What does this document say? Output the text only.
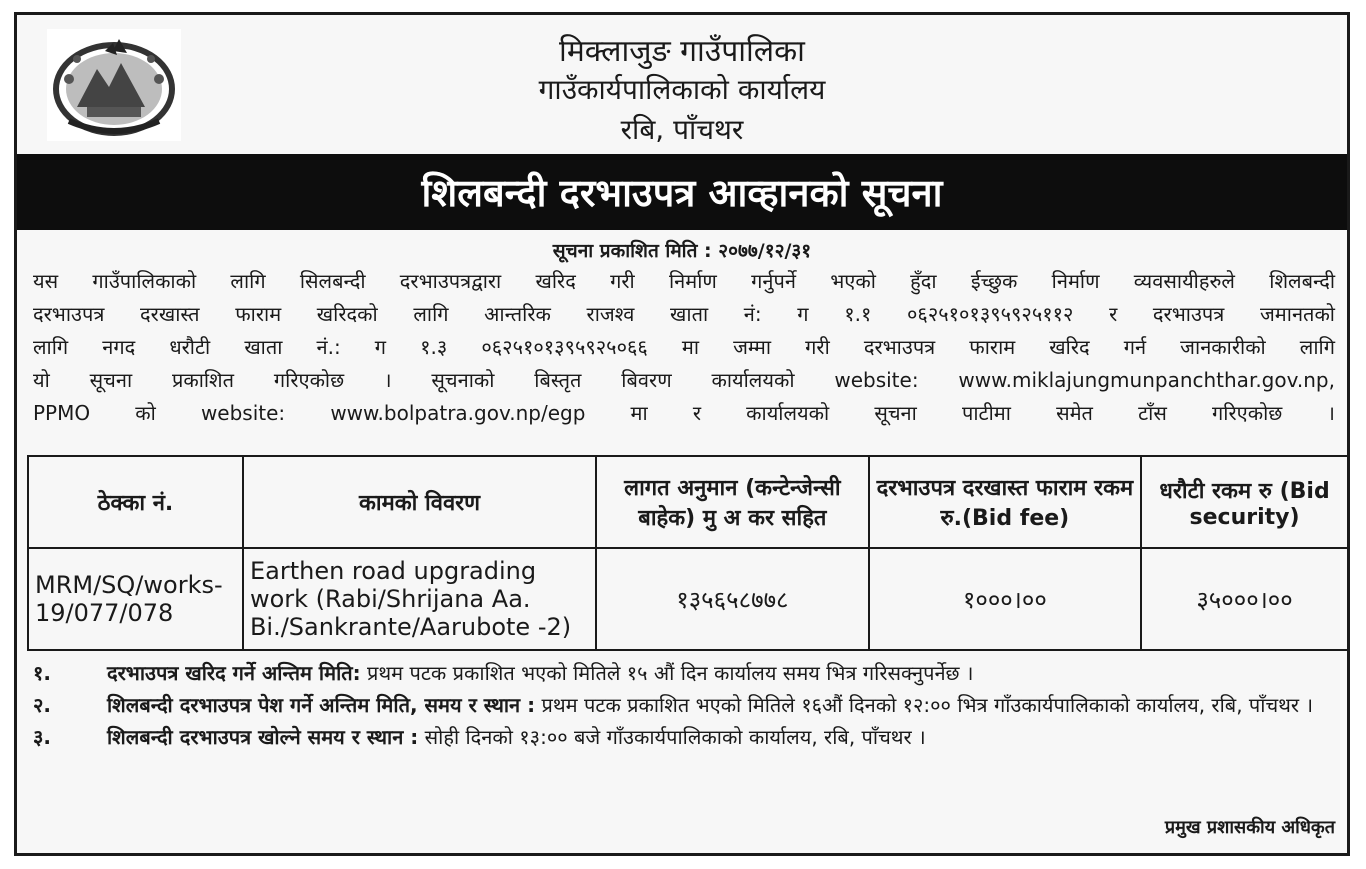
मिक्लाजुङ गाउँपालिका
गाउँकार्यपालिकाको कार्यालय
रबि, पाँचथर
शिलबन्दी दरभाउपत्र आव्हानको सूचना
सूचना प्रकाशित मिति : २०७७/१२/३१
यस गाउँपालिकाको लागि सिलबन्दी दरभाउपत्रद्वारा खरिद गरी निर्माण गर्नुपर्ने भएको हुँदा ईच्छुक निर्माण व्यवसायीहरुले शिलबन्दी
दरभाउपत्र दरखास्त फाराम खरिदको लागि आन्तरिक राजश्व खाता नं: ग १.१ ०६२५१०१३९५९२५११२ र दरभाउपत्र जमानतको
लागि नगद धरौटी खाता नं.: ग १.३ ०६२५१०१३९५९२५०६६ मा जम्मा गरी दरभाउपत्र फाराम खरिद गर्न जानकारीको लागि
यो सूचना प्रकाशित गरिएकोछ । सूचनाको बिस्तृत बिवरण कार्यालयको website: www.miklajungmunpanchthar.gov.np,
PPMO को website: www.bolpatra.gov.np/egp मा र कार्यालयको सूचना पाटीमा समेत टाँस गरिएकोछ ।
ठेक्का नं.	कामको विवरण	लागत अनुमान (कन्टेन्जेन्सी बाहेक) मु अ कर सहित	दरभाउपत्र दरखास्त फाराम रकम रु.(Bid fee)	धरौटी रकम रु (Bid security)
MRM/SQ/works-19/077/078	Earthen road upgrading work (Rabi/Shrijana Aa. Bi./Sankrante/Aarubote -2)	१३५६५८७७८	१०००।००	३५०००।००
१.	दरभाउपत्र खरिद गर्ने अन्तिम मिति: प्रथम पटक प्रकाशित भएको मितिले १५ औं दिन कार्यालय समय भित्र गरिसक्नुपर्नेछ ।
२.	शिलबन्दी दरभाउपत्र पेश गर्ने अन्तिम मिति, समय र स्थान : प्रथम पटक प्रकाशित भएको मितिले १६औं दिनको १२:०० भित्र गाँउकार्यपालिकाको कार्यालय, रबि, पाँचथर ।
३.	शिलबन्दी दरभाउपत्र खोल्ने समय र स्थान : सोही दिनको १३:०० बजे गाँउकार्यपालिकाको कार्यालय, रबि, पाँचथर ।
प्रमुख प्रशासकीय अधिकृत
